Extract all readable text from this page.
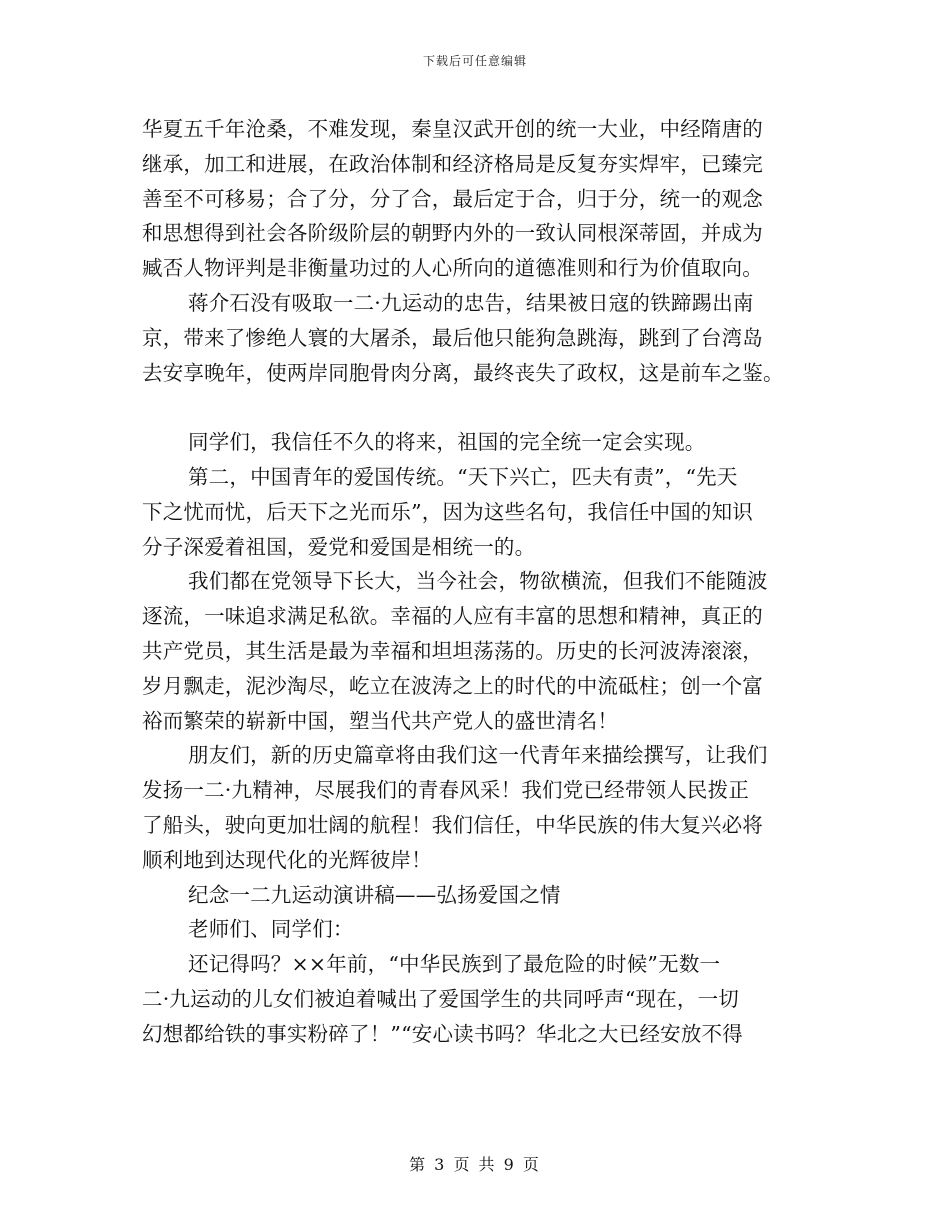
下载后可任意编辑
华夏五千年沧桑，不难发现，秦皇汉武开创的统一大业，中经隋唐的
继承，加工和进展，在政治体制和经济格局是反复夯实焊牢，已臻完
善至不可移易；合了分，分了合，最后定于合，归于分，统一的观念
和思想得到社会各阶级阶层的朝野内外的一致认同根深蒂固，并成为
臧否人物评判是非衡量功过的人心所向的道德准则和行为价值取向。
蒋介石没有吸取一二·九运动的忠告，结果被日寇的铁蹄踢出南
京，带来了惨绝人寰的大屠杀，最后他只能狗急跳海，跳到了台湾岛
去安享晚年，使两岸同胞骨肉分离，最终丧失了政权，这是前车之鉴。
同学们，我信任不久的将来，祖国的完全统一定会实现。
第二，中国青年的爱国传统。“天下兴亡，匹夫有责”，“先天
下之忧而忧，后天下之光而乐”，因为这些名句，我信任中国的知识
分子深爱着祖国，爱党和爱国是相统一的。
我们都在党领导下长大，当今社会，物欲横流，但我们不能随波
逐流，一味追求满足私欲。幸福的人应有丰富的思想和精神，真正的
共产党员，其生活是最为幸福和坦坦荡荡的。历史的长河波涛滚滚，
岁月飘走，泥沙淘尽，屹立在波涛之上的时代的中流砥柱；创一个富
裕而繁荣的崭新中国，塑当代共产党人的盛世清名！
朋友们，新的历史篇章将由我们这一代青年来描绘撰写，让我们
发扬一二·九精神，尽展我们的青春风采！我们党已经带领人民拨正
了船头，驶向更加壮阔的航程！我们信任，中华民族的伟大复兴必将
顺利地到达现代化的光辉彼岸！
纪念一二九运动演讲稿——弘扬爱国之情
老师们、同学们：
还记得吗？××年前，“中华民族到了最危险的时候”无数一
二·九运动的儿女们被迫着喊出了爱国学生的共同呼声“现在，一切
幻想都给铁的事实粉碎了！”“安心读书吗？华北之大已经安放不得
第 3 页 共 9 页
